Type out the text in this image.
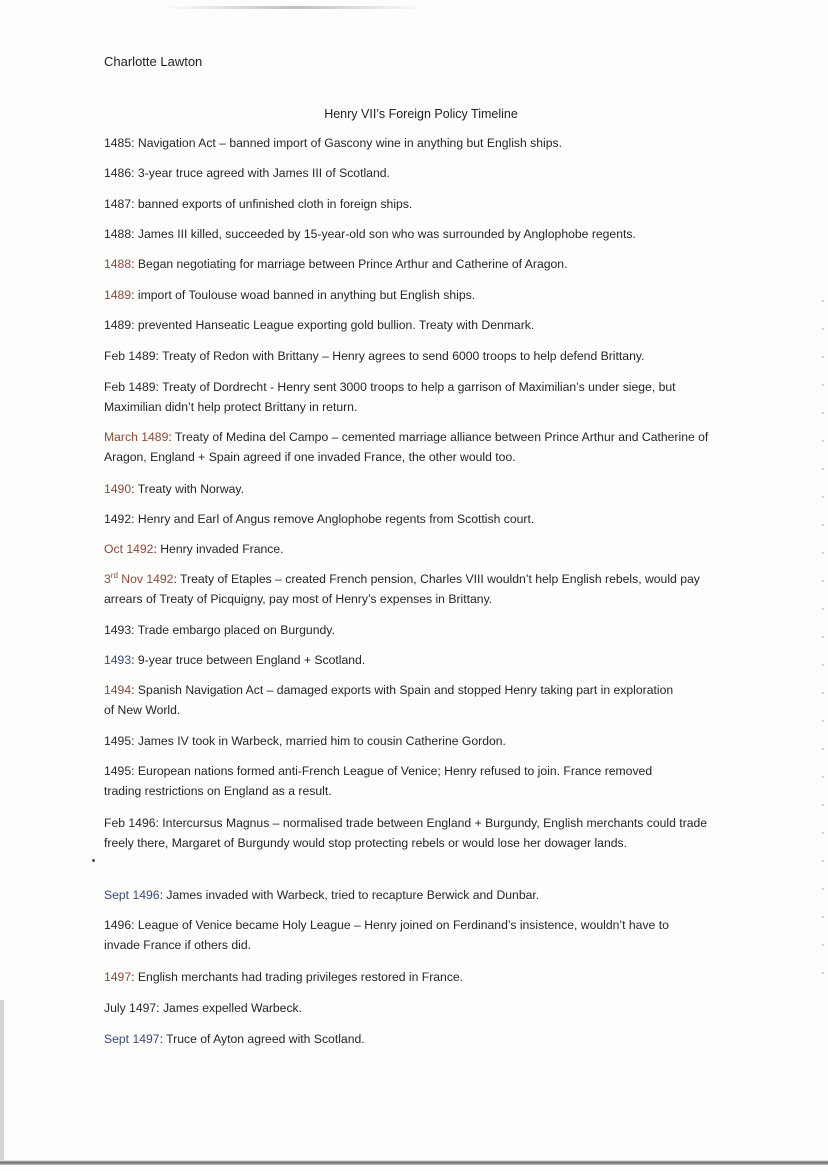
Charlotte Lawton
Henry VII’s Foreign Policy Timeline
1485: Navigation Act – banned import of Gascony wine in anything but English ships.
1486: 3-year truce agreed with James III of Scotland.
1487: banned exports of unfinished cloth in foreign ships.
1488: James III killed, succeeded by 15-year-old son who was surrounded by Anglophobe regents.
1488: Began negotiating for marriage between Prince Arthur and Catherine of Aragon.
1489: import of Toulouse woad banned in anything but English ships.
1489: prevented Hanseatic League exporting gold bullion. Treaty with Denmark.
Feb 1489: Treaty of Redon with Brittany – Henry agrees to send 6000 troops to help defend Brittany.
Feb 1489: Treaty of Dordrecht - Henry sent 3000 troops to help a garrison of Maximilian’s under siege, but Maximilian didn’t help protect Brittany in return.
March 1489: Treaty of Medina del Campo – cemented marriage alliance between Prince Arthur and Catherine of Aragon, England + Spain agreed if one invaded France, the other would too.
1490: Treaty with Norway.
1492: Henry and Earl of Angus remove Anglophobe regents from Scottish court.
Oct 1492: Henry invaded France.
3rd Nov 1492: Treaty of Etaples – created French pension, Charles VIII wouldn’t help English rebels, would pay arrears of Treaty of Picquigny, pay most of Henry’s expenses in Brittany.
1493: Trade embargo placed on Burgundy.
1493: 9-year truce between England + Scotland.
1494: Spanish Navigation Act – damaged exports with Spain and stopped Henry taking part in exploration of New World.
1495: James IV took in Warbeck, married him to cousin Catherine Gordon.
1495: European nations formed anti-French League of Venice; Henry refused to join. France removed trading restrictions on England as a result.
Feb 1496: Intercursus Magnus – normalised trade between England + Burgundy, English merchants could trade freely there, Margaret of Burgundy would stop protecting rebels or would lose her dowager lands.
Sept 1496: James invaded with Warbeck, tried to recapture Berwick and Dunbar.
1496: League of Venice became Holy League – Henry joined on Ferdinand’s insistence, wouldn’t have to invade France if others did.
1497: English merchants had trading privileges restored in France.
July 1497: James expelled Warbeck.
Sept 1497: Truce of Ayton agreed with Scotland.
